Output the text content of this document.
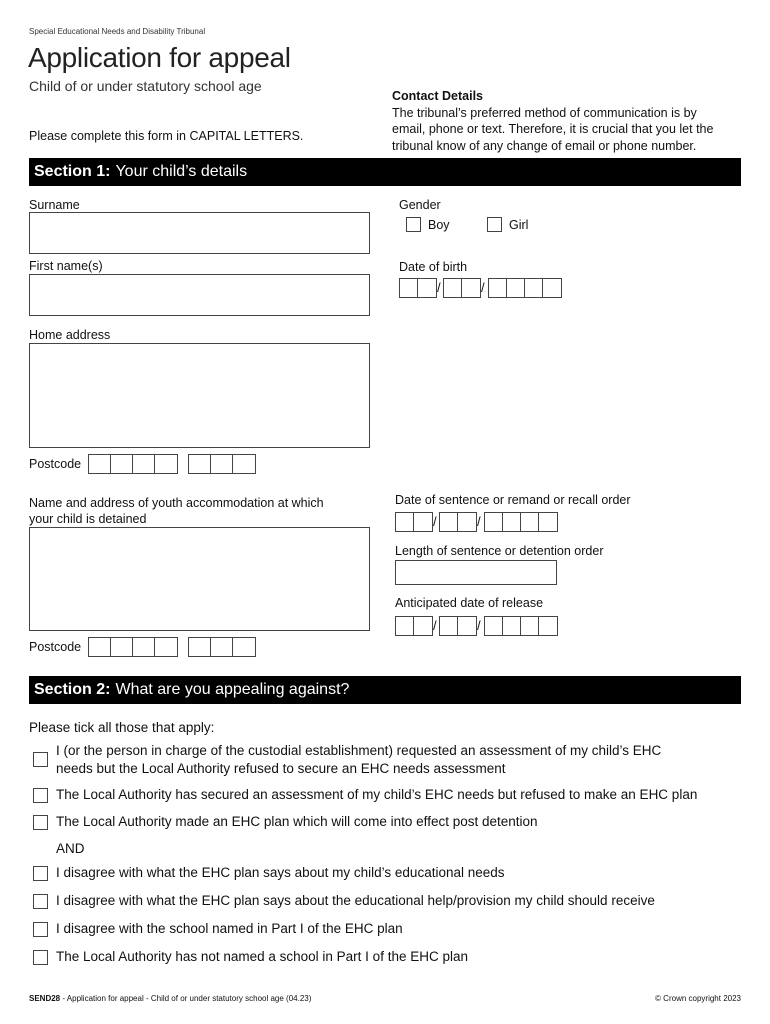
Special Educational Needs and Disability Tribunal
Application for appeal
Child of or under statutory school age
Please complete this form in CAPITAL LETTERS.
Contact Details
The tribunal’s preferred method of communication is by
email, phone or text. Therefore, it is crucial that you let the
tribunal know of any change of email or phone number.
Section 1: Your child’s details
Surname
First name(s)
Home address
Postcode
Name and address of youth accommodation at which
your child is detained
Postcode
Gender
Boy	Girl
Date of birth
/	/
Date of sentence or remand or recall order
/	/
Length of sentence or detention order
Anticipated date of release
/	/
Section 2: What are you appealing against?
Please tick all those that apply:
I (or the person in charge of the custodial establishment) requested an assessment of my child’s EHC
needs but the Local Authority refused to secure an EHC needs assessment
The Local Authority has secured an assessment of my child’s EHC needs but refused to make an EHC plan
The Local Authority made an EHC plan which will come into effect post detention
AND
I disagree with what the EHC plan says about my child’s educational needs
I disagree with what the EHC plan says about the educational help/provision my child should receive
I disagree with the school named in Part I of the EHC plan
The Local Authority has not named a school in Part I of the EHC plan
SEND28 - Application for appeal - Child of or under statutory school age (04.23)	© Crown copyright 2023
